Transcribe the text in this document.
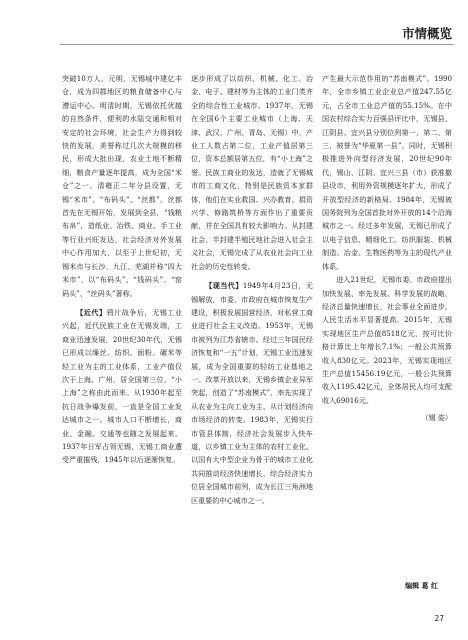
市情概览

突破10万人。元明，无锡城中建亿丰仓，成为四郡地区的粮食储备中心与漕运中心。明清时期，无锡依托优越的自然条件，便利的水陆交通和相对安定的社会环境，社会生产力得到较快的发展，美誉称过几次大规模的移民，形成大批出现，农业土地不断精细，粮食产量逐年提高，成为全国“米仓”之一。清雍正二年分县设置，无锡“米市”、“布码头”、“丝都”。丝都首先在无锡开始，发展到全县，“钱粮布帛”，造纸业、冶铁、商业、手工业等行业兴旺发达，社会经济对外发展中心作用加大，以至于上世纪初，无锡米市与长沙、九江、芜湖并称“四大米市”，以“布码头”、“钱码头”、“窑码头”、“丝码头”著称。

【近代】鸦片战争后，无锡工业兴起，近代民族工业在无锡发端，工商业迅速发展，20世纪30年代，无锡已形成以缫丝、纺织、面粉、碾米等轻工业为主的工业体系，工业产值仅次于上海、广州，居全国第三位，“小上海”之称由此而来。从1930年起至抗日战争爆发前，一直是全国工业发达城市之一。城市人口不断增长，商业、金融、交通等也随之发展起来。1937年日军占领无锡，无锡工商业遭受严重摧残，1945年以后逐渐恢复。

逐步形成了以纺织、机械、化工、冶金、电子、建材等为主体的工业门类齐全的综合性工业城市。1937年，无锡在全国6个主要工业城市（上海、天津、武汉、广州、青岛、无锡）中，产业工人数占第二位，工业产值居第三位，资本总额居第五位，有“小上海”之誉。民族工商业的发达，造就了无锡城市的工商文化，特别是民族资本家群体，他们在实业救国、兴办教育、捐资兴学、修路筑桥等方面作出了重要贡献，并在全国具有较大影响力。从封建社会、半封建半殖民地社会进入社会主义社会，无锡完成了从农业社会向工业社会的历史性转变。

【现当代】1949年4月23日，无锡解放，市委、市政府在城市恢复生产建设，积极发展国营经济，对私营工商业进行社会主义改造。1953年，无锡市被列为江苏省辖市。经过三年国民经济恢复和“一五”计划，无锡工业迅速发展，成为全国重要的轻纺工业基地之一。改革开放以来，无锡乡镇企业异军突起，创造了“苏南模式”，率先实现了从农业为主向工业为主、从计划经济向市场经济的转变。1983年，无锡实行市管县体制，经济社会发展步入快车道，以乡镇工业为主体的农村工业化、以国有大中型企业为骨干的城市工业化共同推动经济快速增长，综合经济实力位居全国城市前列，成为长江三角洲地区重要的中心城市之一。

产生最大示范作用的“苏南模式”。1990年，全市乡镇工业企业总产值247.55亿元，占全市工业总产值的55.15%。在中国农村综合实力百强县评比中，无锡县、江阴县、宜兴县分别位列第一、第二、第三，被誉为“华夏第一县”。同时，无锡积极推进外向型经济发展，20世纪90年代，锡山、江阴、宜兴三县（市）获准撤县设市，利用外资规模逐年扩大，形成了开放型经济的新格局。1984年，无锡被国务院列为全国首批对外开放的14个沿海城市之一。经过多年发展，无锡已形成了以电子信息、精细化工、纺织服装、机械制造、冶金、生物医药等为主的现代产业体系。

进入21世纪，无锡市委、市政府提出加快发展、率先发展、科学发展的战略，经济总量快速增长，社会事业全面进步，人民生活水平显著提高。2015年，无锡实现地区生产总值8518亿元，按可比价格计算比上年增长7.1%；一般公共预算收入830亿元。2023年，无锡实现地区生产总值15456.19亿元，一般公共预算收入1195.42亿元，全体居民人均可支配收入69016元。

（锡 姿）
编辑 葛 红
27
